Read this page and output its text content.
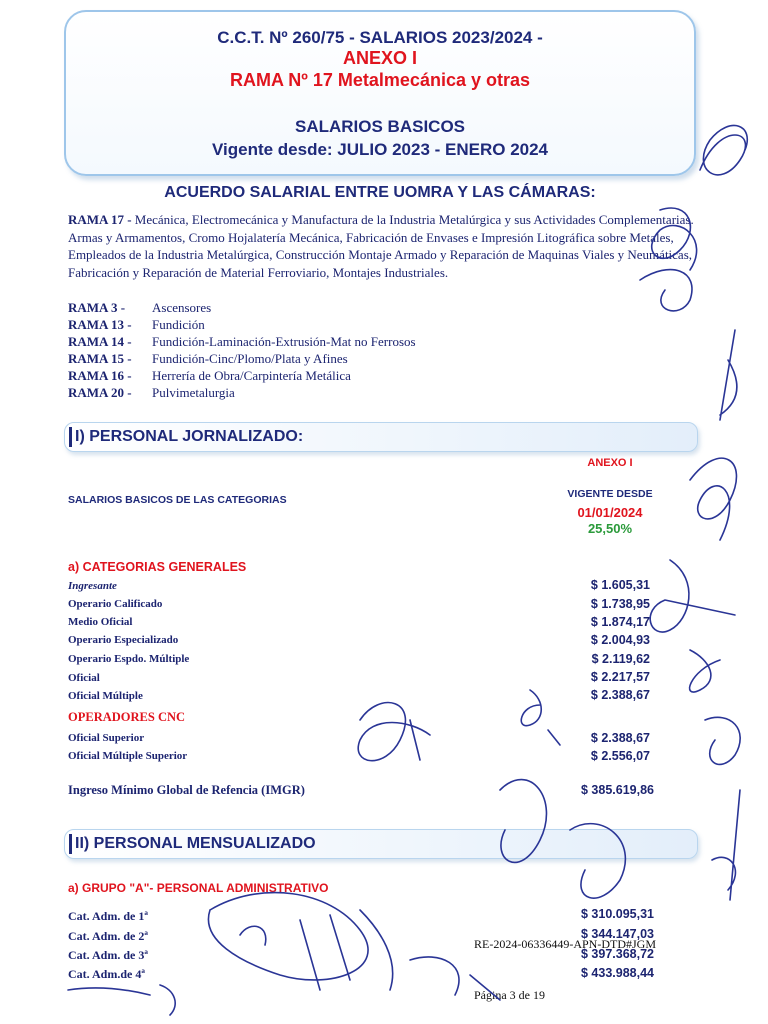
C.C.T. Nº 260/75 - SALARIOS 2023/2024 -
ANEXO I
RAMA Nº 17 Metalmecánica y otras
SALARIOS BASICOS
Vigente desde: JULIO 2023 - ENERO 2024
ACUERDO SALARIAL ENTRE UOMRA Y LAS CÁMARAS:
RAMA 17 - Mecánica, Electromecánica y Manufactura de la Industria Metalúrgica y sus Actividades Complementarias. Armas y Armamentos, Cromo Hojalatería Mecánica, Fabricación de Envases e Impresión Litográfica sobre Metales, Empleados de la Industria Metalúrgica, Construcción Montaje Armado y Reparación de Maquinas Viales y Neumáticas, Fabricación y Reparación de Material Ferroviario, Montajes Industriales.
RAMA 3 - Ascensores
RAMA 13 - Fundición
RAMA 14 - Fundición-Laminación-Extrusión-Mat no Ferrosos
RAMA 15 - Fundición-Cinc/Plomo/Plata y Afines
RAMA 16 - Herrería de Obra/Carpintería Metálica
RAMA 20 - Pulvimetalurgia
I) PERSONAL JORNALIZADO:
ANEXO I
SALARIOS BASICOS DE LAS CATEGORIAS	VIGENTE DESDE
01/01/2024
25,50%
a) CATEGORIAS GENERALES
Ingresante	$ 1.605,31
Operario Calificado	$ 1.738,95
Medio Oficial	$ 1.874,17
Operario Especializado	$ 2.004,93
Operario Espdo. Múltiple	$ 2.119,62
Oficial	$ 2.217,57
Oficial Múltiple	$ 2.388,67
OPERADORES CNC
Oficial Superior	$ 2.388,67
Oficial Múltiple Superior	$ 2.556,07
Ingreso Mínimo Global de Refencia (IMGR)	$ 385.619,86
II) PERSONAL MENSUALIZADO
a) GRUPO "A"- PERSONAL ADMINISTRATIVO
Cat. Adm. de 1ª	$ 310.095,31
Cat. Adm. de 2ª	$ 344.147,03
Cat. Adm. de 3ª	$ 397.368,72
Cat. Adm.de 4ª	$ 433.988,44
RE-2024-06336449-APN-DTD#JGM
Página 3 de 19
